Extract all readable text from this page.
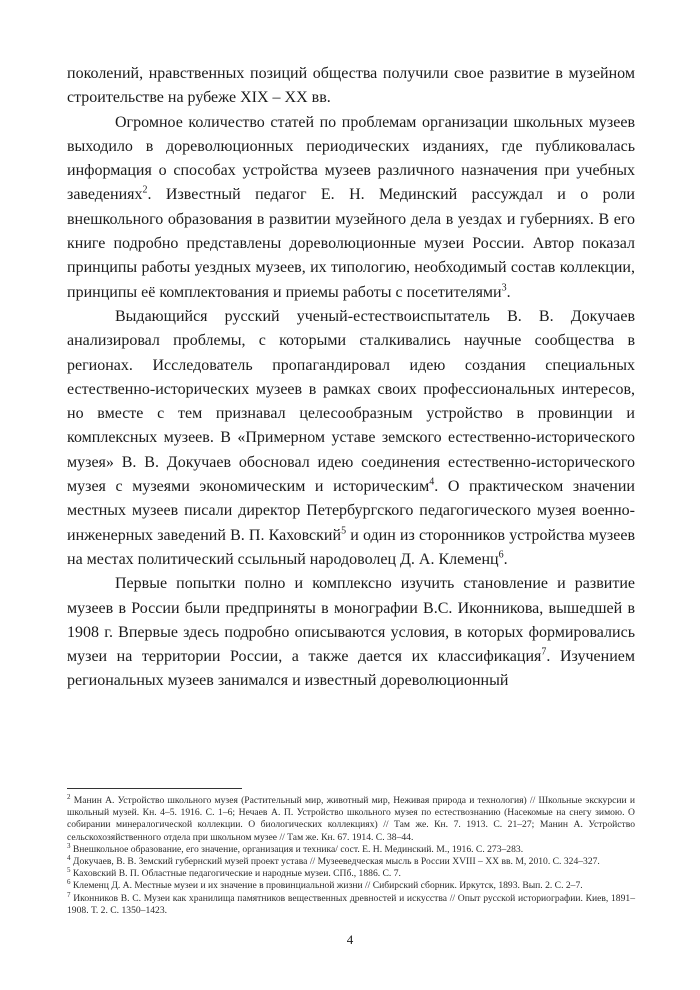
поколений, нравственных позиций общества получили свое развитие в музейном строительстве на рубеже XIX – XX вв.

Огромное количество статей по проблемам организации школьных музеев выходило в дореволюционных периодических изданиях, где публиковалась информация о способах устройства музеев различного назначения при учебных заведениях$^2$. Известный педагог Е. Н. Мединский рассуждал и о роли внешкольного образования в развитии музейного дела в уездах и губерниях. В его книге подробно представлены дореволюционные музеи России. Автор показал принципы работы уездных музеев, их типологию, необходимый состав коллекции, принципы её комплектования и приемы работы с посетителями$^3$.

Выдающийся русский ученый-естествоиспытатель В. В. Докучаев анализировал проблемы, с которыми сталкивались научные сообщества в регионах. Исследователь пропагандировал идею создания специальных естественно-исторических музеев в рамках своих профессиональных интересов, но вместе с тем признавал целесообразным устройство в провинции и комплексных музеев. В «Примерном уставе земского естественно-исторического музея» В. В. Докучаев обосновал идею соединения естественно-исторического музея с музеями экономическим и историческим$^4$. О практическом значении местных музеев писали директор Петербургского педагогического музея военно-инженерных заведений В. П. Каховский$^5$ и один из сторонников устройства музеев на местах политический ссыльный народоволец Д. А. Клеменц$^6$.

Первые попытки полно и комплексно изучить становление и развитие музеев в России были предприняты в монографии В.С. Иконникова, вышедшей в 1908 г. Впервые здесь подробно описываются условия, в которых формировались музеи на территории России, а также дается их классификация$^7$. Изучением региональных музеев занимался и известный дореволюционный

$^2$ Манин А. Устройство школьного музея (Растительный мир, животный мир, Неживая природа и технология) // Школьные экскурсии и школьный музей. Кн. 4–5. 1916. С. 1–6; Нечаев А. П. Устройство школьного музея по естествознанию (Насекомые на снегу зимою. О собирании минералогической коллекции. О биологических коллекциях) // Там же. Кн. 7. 1913. С. 21–27; Манин А. Устройство сельскохозяйственного отдела при школьном музее // Там же. Кн. 67. 1914. С. 38–44.

$^3$ Внешкольное образование, его значение, организация и техника/ сост. Е. Н. Мединский. М., 1916. С. 273–283.

$^4$ Докучаев, В. В. Земский губернский музей проект устава // Музееведческая мысль в России XVIII – XX вв. М, 2010. С. 324–327.

$^5$ Каховский В. П. Областные педагогические и народные музеи. СПб., 1886. С. 7.

$^6$ Клеменц Д. А. Местные музеи и их значение в провинциальной жизни // Сибирский сборник. Иркутск, 1893. Вып. 2. С. 2–7.

$^7$ Иконников В. С. Музеи как хранилища памятников вещественных древностей и искусства // Опыт русской историографии. Киев, 1891–1908. Т. 2. С. 1350–1423.

4
